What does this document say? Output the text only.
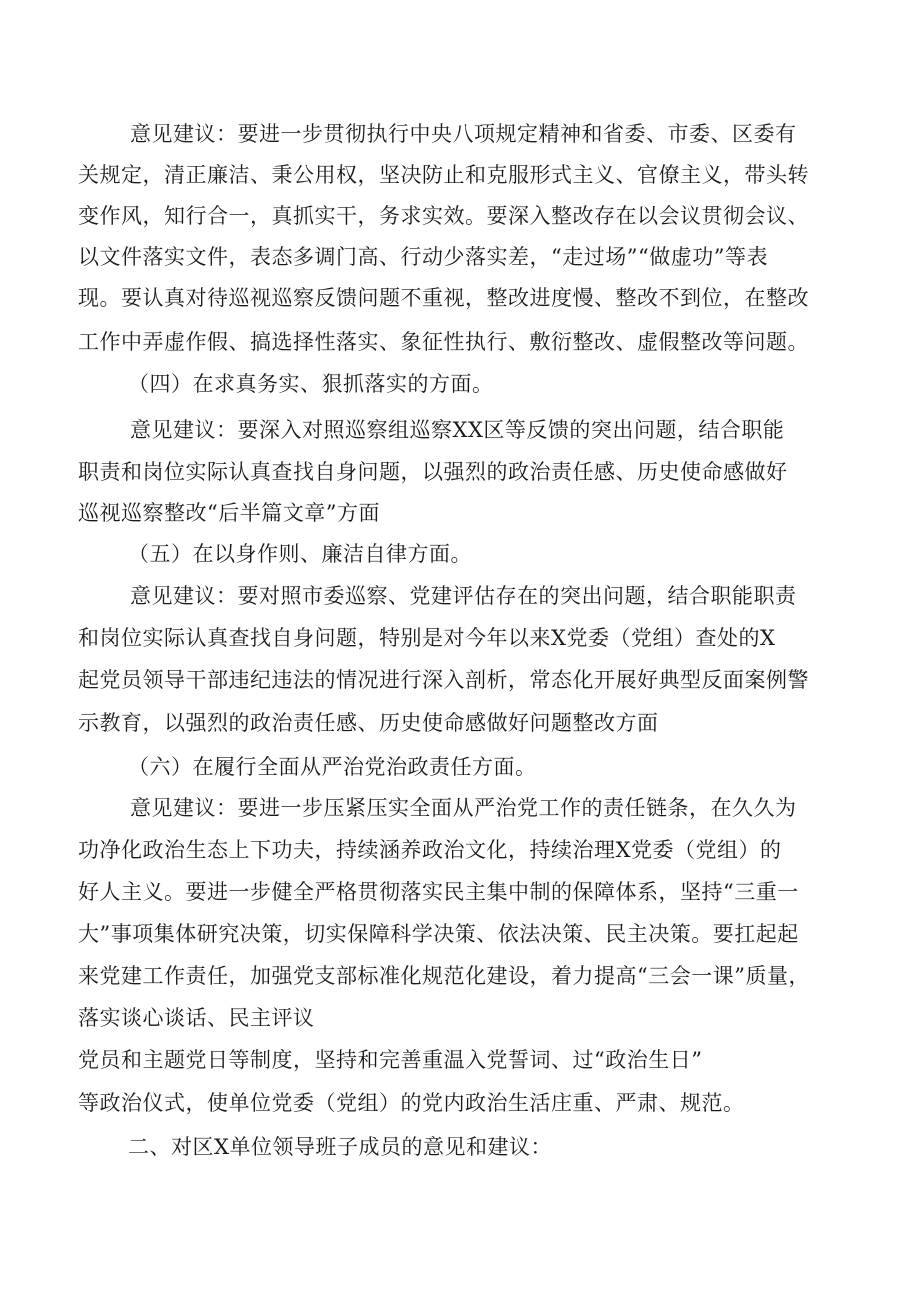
意见建议：要进一步贯彻执行中央八项规定精神和省委、市委、区委有
关规定，清正廉洁、秉公用权，坚决防止和克服形式主义、官僚主义，带头转
变作风，知行合一，真抓实干，务求实效。要深入整改存在以会议贯彻会议、
以文件落实文件，表态多调门高、行动少落实差，“走过场”“做虚功”等表
现。要认真对待巡视巡察反馈问题不重视，整改进度慢、整改不到位，在整改
工作中弄虚作假、搞选择性落实、象征性执行、敷衍整改、虚假整改等问题。
（四）在求真务实、狠抓落实的方面。
意见建议：要深入对照巡察组巡察XX区等反馈的突出问题，结合职能
职责和岗位实际认真查找自身问题，以强烈的政治责任感、历史使命感做好
巡视巡察整改“后半篇文章”方面
（五）在以身作则、廉洁自律方面。
意见建议：要对照市委巡察、党建评估存在的突出问题，结合职能职责
和岗位实际认真查找自身问题，特别是对今年以来X党委（党组）查处的X
起党员领导干部违纪违法的情况进行深入剖析，常态化开展好典型反面案例警
示教育，以强烈的政治责任感、历史使命感做好问题整改方面
（六）在履行全面从严治党治政责任方面。
意见建议：要进一步压紧压实全面从严治党工作的责任链条，在久久为
功净化政治生态上下功夫，持续涵养政治文化，持续治理X党委（党组）的
好人主义。要进一步健全严格贯彻落实民主集中制的保障体系，坚持“三重一
大”事项集体研究决策，切实保障科学决策、依法决策、民主决策。要扛起起
来党建工作责任，加强党支部标准化规范化建设，着力提高“三会一课”质量，
落实谈心谈话、民主评议
党员和主题党日等制度，坚持和完善重温入党誓词、过“政治生日”
等政治仪式，使单位党委（党组）的党内政治生活庄重、严肃、规范。
二、对区X单位领导班子成员的意见和建议：
